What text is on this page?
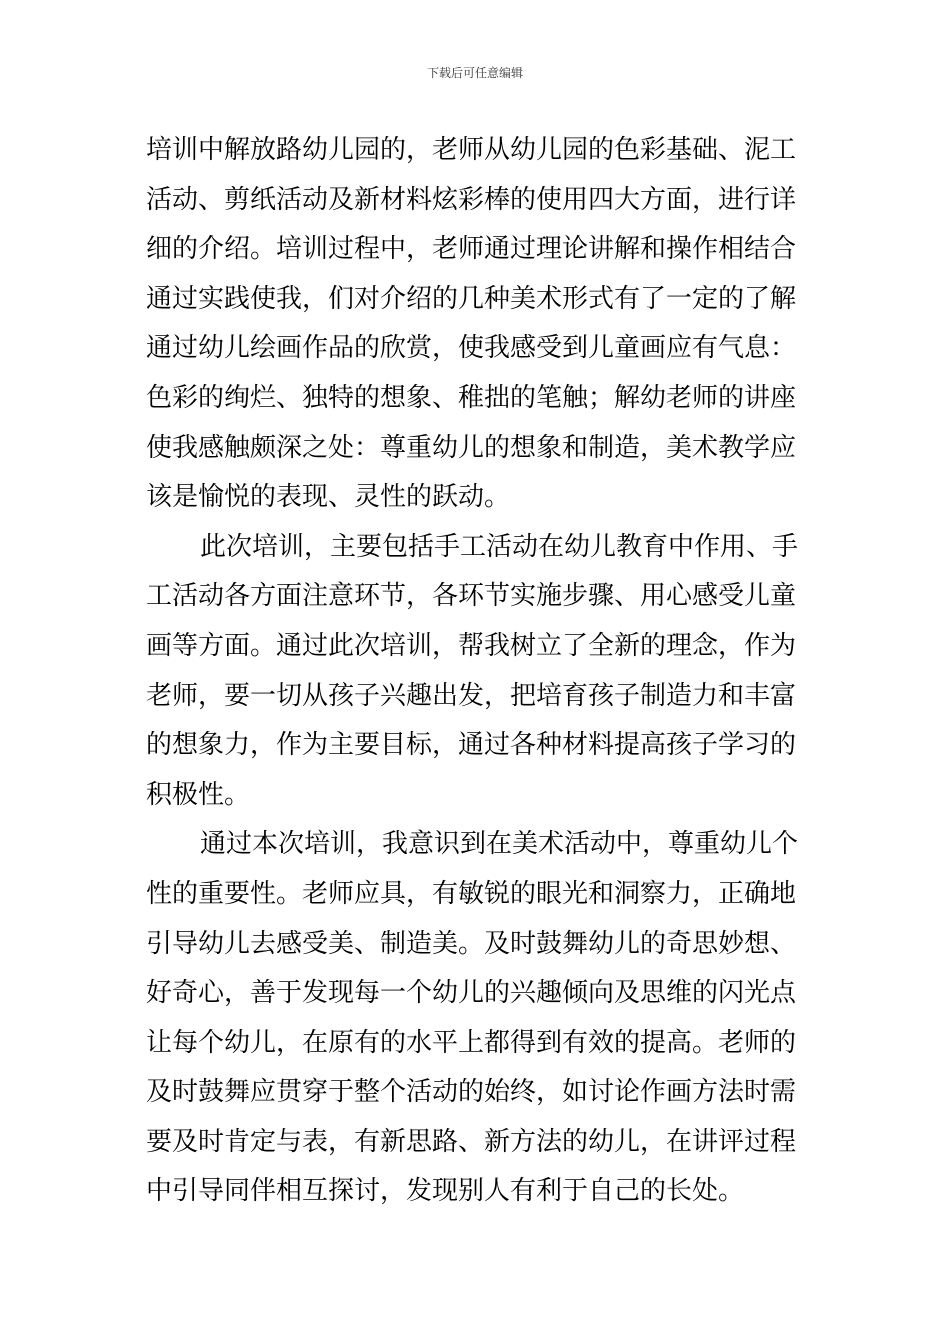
下载后可任意编辑
培训中解放路幼儿园的，老师从幼儿园的色彩基础、泥工
活动、剪纸活动及新材料炫彩棒的使用四大方面，进行详
细的介绍。培训过程中，老师通过理论讲解和操作相结合
通过实践使我，们对介绍的几种美术形式有了一定的了解
通过幼儿绘画作品的欣赏，使我感受到儿童画应有气息：
色彩的绚烂、独特的想象、稚拙的笔触；解幼老师的讲座
使我感触颇深之处：尊重幼儿的想象和制造，美术教学应
该是愉悦的表现、灵性的跃动。
此次培训，主要包括手工活动在幼儿教育中作用、手
工活动各方面注意环节，各环节实施步骤、用心感受儿童
画等方面。通过此次培训，帮我树立了全新的理念，作为
老师，要一切从孩子兴趣出发，把培育孩子制造力和丰富
的想象力，作为主要目标，通过各种材料提高孩子学习的
积极性。
通过本次培训，我意识到在美术活动中，尊重幼儿个
性的重要性。老师应具，有敏锐的眼光和洞察力，正确地
引导幼儿去感受美、制造美。及时鼓舞幼儿的奇思妙想、
好奇心，善于发现每一个幼儿的兴趣倾向及思维的闪光点
让每个幼儿，在原有的水平上都得到有效的提高。老师的
及时鼓舞应贯穿于整个活动的始终，如讨论作画方法时需
要及时肯定与表，有新思路、新方法的幼儿，在讲评过程
中引导同伴相互探讨，发现别人有利于自己的长处。
